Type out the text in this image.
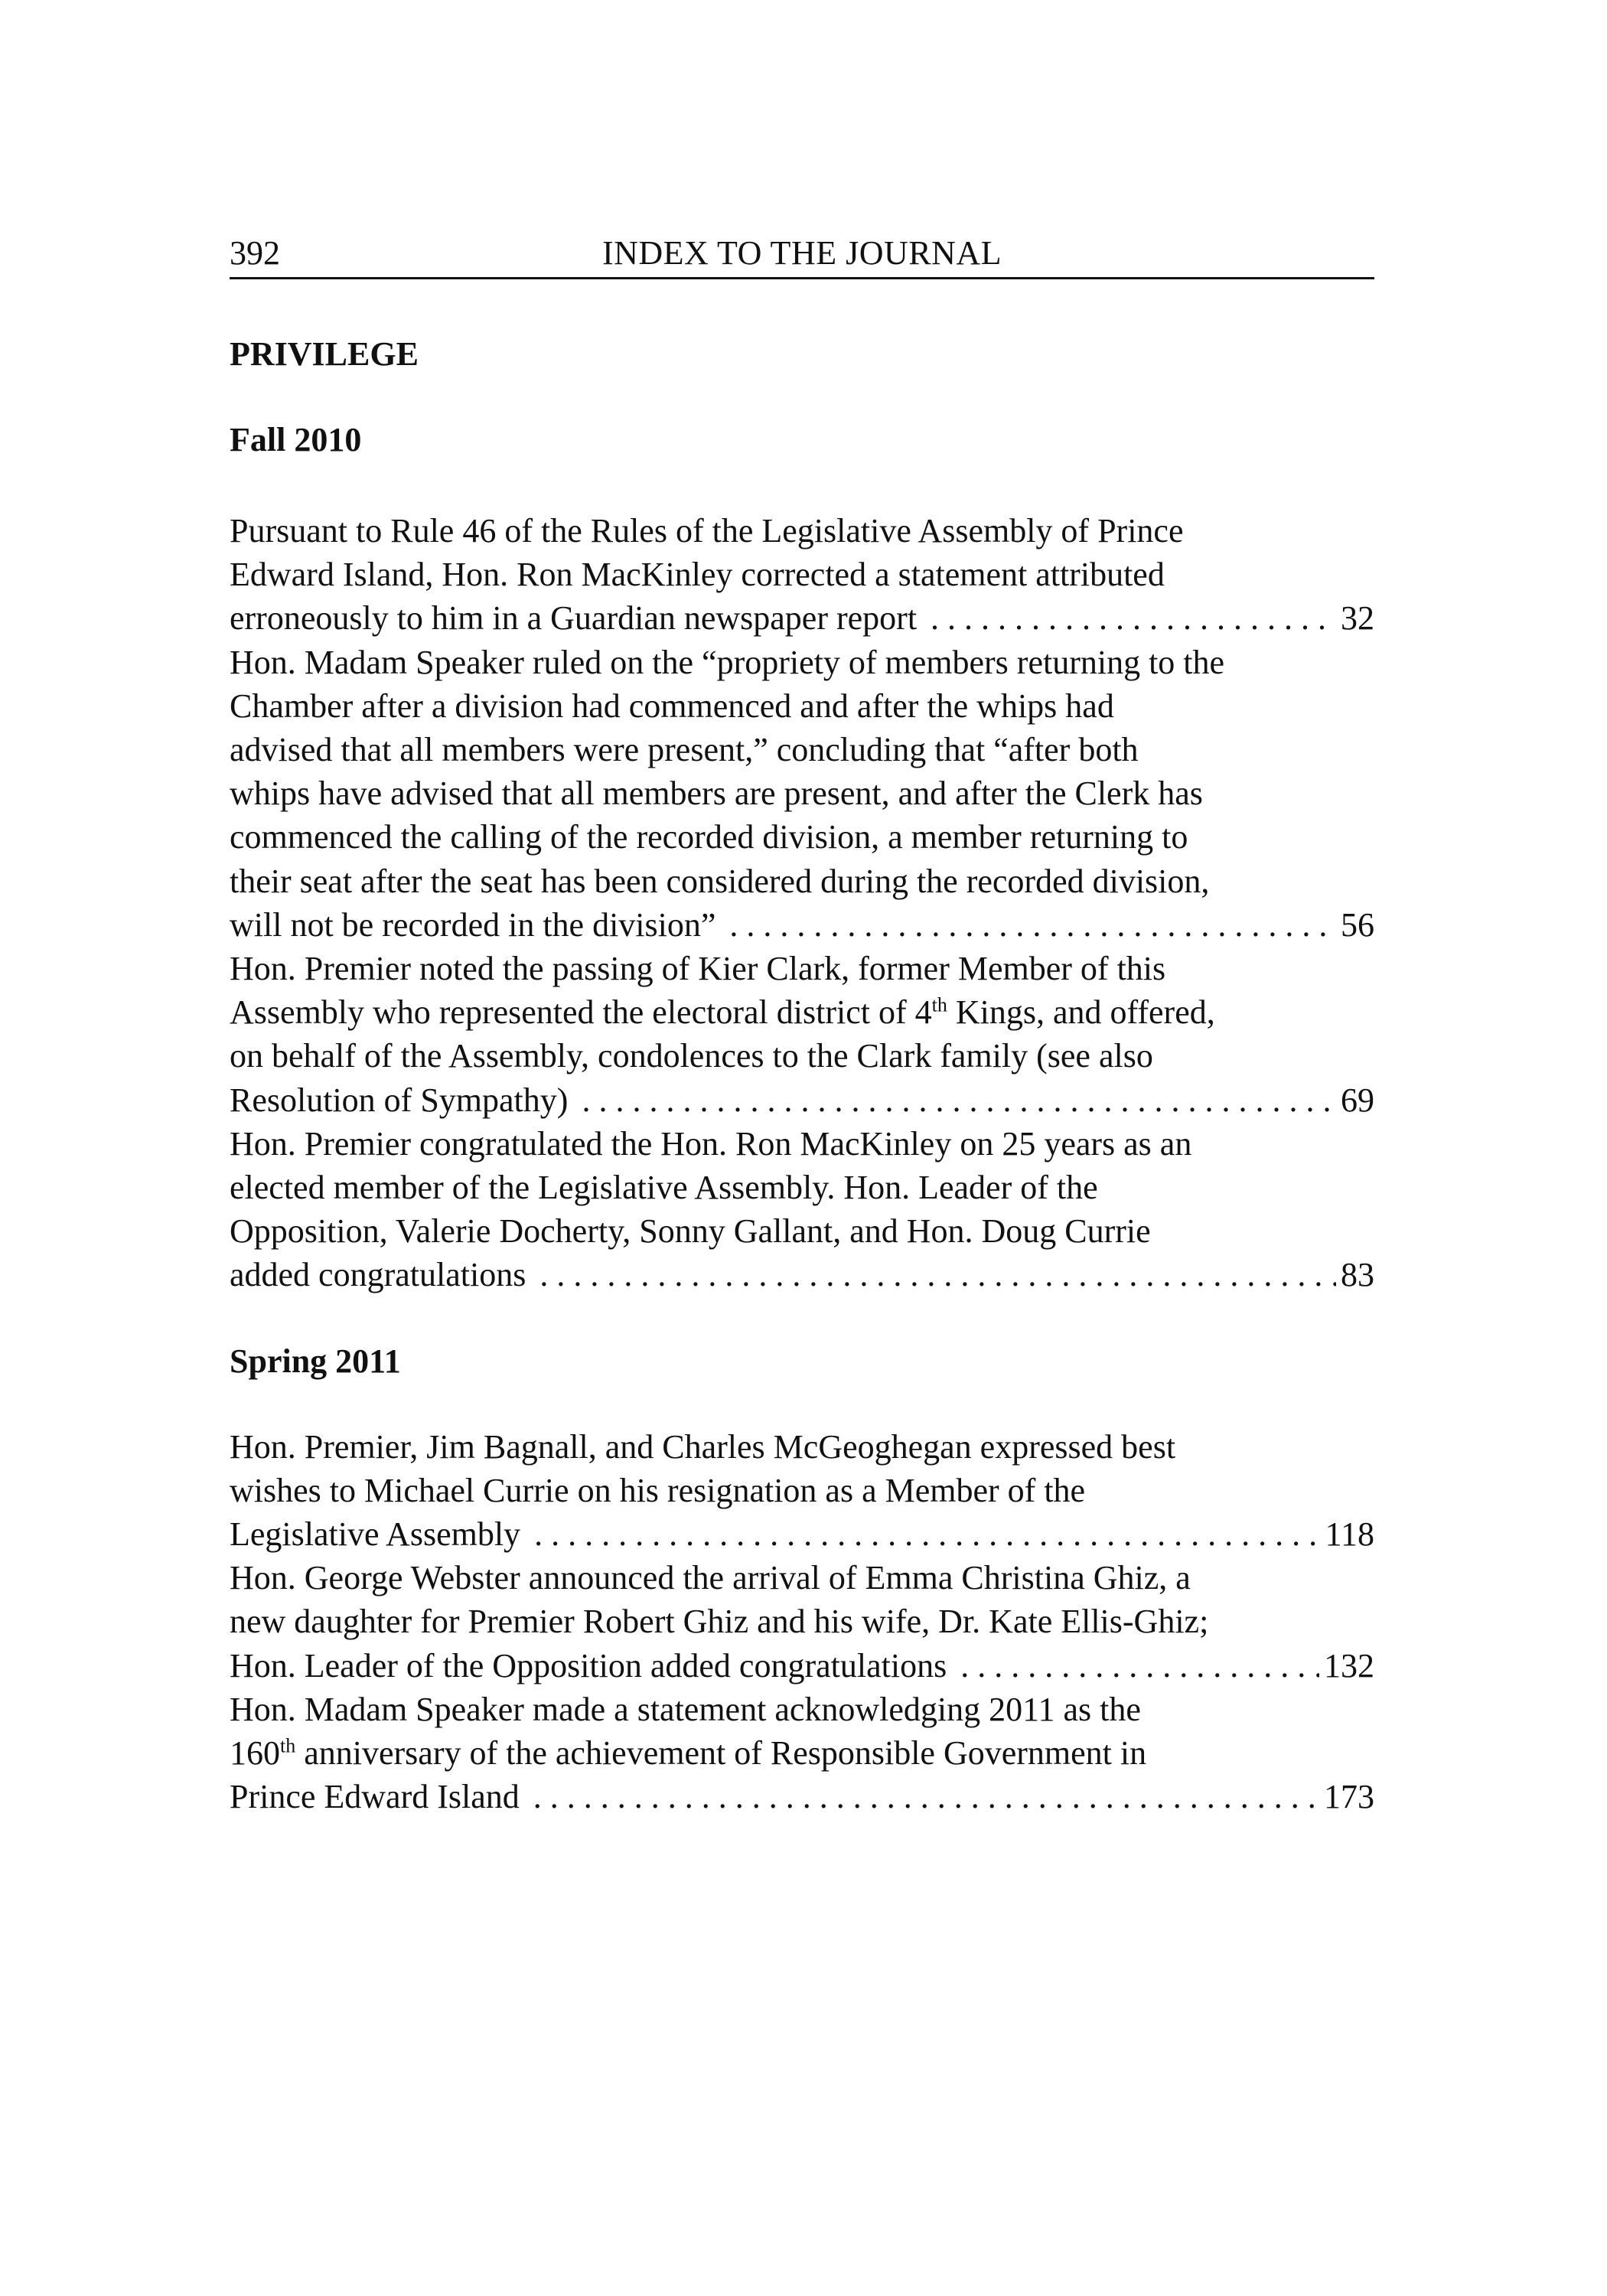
392	INDEX TO THE JOURNAL
PRIVILEGE
Fall 2010
Pursuant to Rule 46 of the Rules of the Legislative Assembly of Prince
Edward Island, Hon. Ron MacKinley corrected a statement attributed
erroneously to him in a Guardian newspaper report . . .	32
Hon. Madam Speaker ruled on the “propriety of members returning to the
Chamber after a division had commenced and after the whips had
advised that all members were present,” concluding that “after both
whips have advised that all members are present, and after the Clerk has
commenced the calling of the recorded division, a member returning to
their seat after the seat has been considered during the recorded division,
will not be recorded in the division” . . .	56
Hon. Premier noted the passing of Kier Clark, former Member of this
Assembly who represented the electoral district of 4th Kings, and offered,
on behalf of the Assembly, condolences to the Clark family (see also
Resolution of Sympathy) . . .	69
Hon. Premier congratulated the Hon. Ron MacKinley on 25 years as an
elected member of the Legislative Assembly. Hon. Leader of the
Opposition, Valerie Docherty, Sonny Gallant, and Hon. Doug Currie
added congratulations . . .	83
Spring 2011
Hon. Premier, Jim Bagnall, and Charles McGeoghegan expressed best
wishes to Michael Currie on his resignation as a Member of the
Legislative Assembly . . .	118
Hon. George Webster announced the arrival of Emma Christina Ghiz, a
new daughter for Premier Robert Ghiz and his wife, Dr. Kate Ellis-Ghiz;
Hon. Leader of the Opposition added congratulations . . .	132
Hon. Madam Speaker made a statement acknowledging 2011 as the
160th anniversary of the achievement of Responsible Government in
Prince Edward Island . . .	173
